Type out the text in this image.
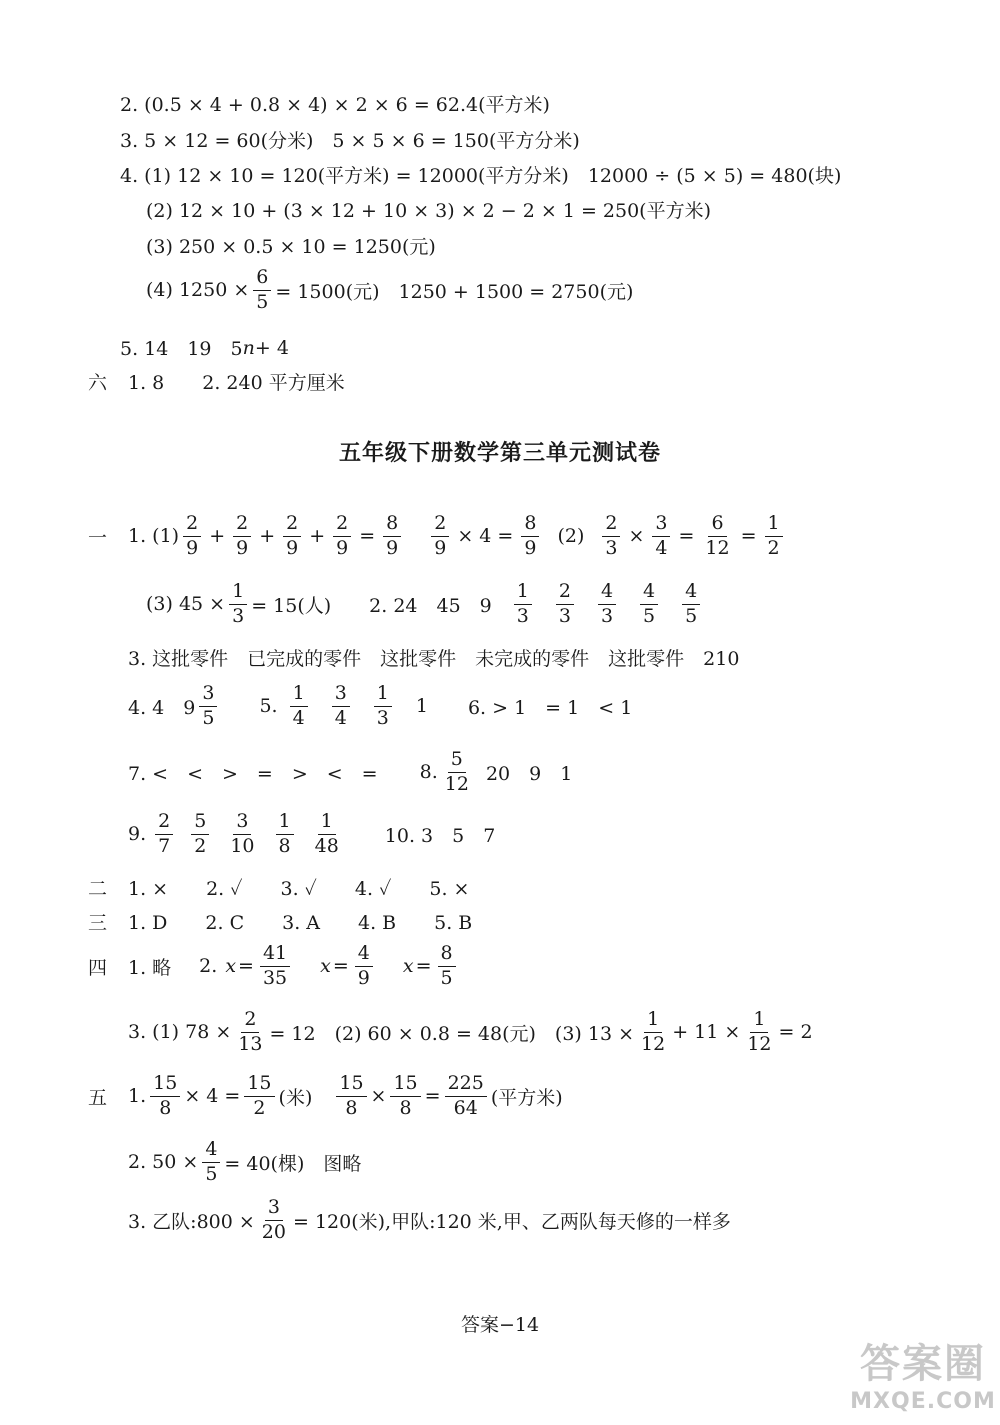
2. (0.5 × 4 + 0.8 × 4) × 2 × 6 = 62.4(平方米)
3. 5 × 12 = 60(分米)　5 × 5 × 6 = 150(平方分米)
4. (1) 12 × 10 = 120(平方米) = 12000(平方分米)　12000 ÷ (5 × 5) = 480(块)
(2) 12 × 10 + (3 × 12 + 10 × 3) × 2 − 2 × 1 = 250(平方米)
(3) 250 × 0.5 × 10 = 1250(元)
(4) $1250 \times \frac{6}{5} = 1500$(元)　1250 + 1500 = 2750(元)
5. 14　19　5 n + 4
六	1. 8　　2. 240 平方厘米
五年级下册数学第三单元测试卷
一	1. $(1) \frac{2}{9} + \frac{2}{9} + \frac{2}{9} + \frac{2}{9} = \frac{8}{9} \frac{2}{9} \times 4 = \frac{8}{9} (2) \frac{2}{3} \times \frac{3}{4} = \frac{6}{12} = \frac{1}{2}$
(3) $45 \times \frac{1}{3} = 15$(人)　　2. 24　45　$9 \frac{1}{3} \frac{2}{3} \frac{4}{3} \frac{4}{5} \frac{4}{5}$
3. 这批零件　已完成的零件　这批零件　未完成的零件　这批零件　210
4. 4　$9 \frac{3}{5} 5$. $\frac{1}{4} \frac{3}{4} \frac{1}{3} 1$ 6. > 1　= 1　< 1
7. <　<　>　=　>　<　= 8. $\frac{5}{12} 20$　9　1
9. $\frac{2}{7} \frac{5}{2} \frac{3}{10} \frac{1}{8} \frac{1}{48} 10$. 3　5　7
二	1. ×　　2. ✓　　3. ✓　　4. ✓　　5. ×
三	1. D　　2. C　　3. A　　4. B　　5. B
四	1. 略 2. $x = \frac{41}{35}$ $x = \frac{4}{9}$ $x = \frac{8}{5}$
3. (1) $78 \times \frac{2}{13} = 12$　(2) 60 × 0.8 = 48(元)　(3) $13 \times \frac{1}{12} + 11 \times \frac{1}{12} = 2$
五	1. $\frac{15}{8} \times 4 = \frac{15}{2}$ (米) $\frac{15}{8} \times \frac{15}{8} = \frac{225}{64}$ (平方米)
2. $50 \times \frac{4}{5} = 40$(棵)　图略
3. 乙队:800 × $\frac{3}{20} = 120$(米),甲队:120 米,甲、乙两队每天修的一样多
答案−14
答案圈
MXQE.COM
